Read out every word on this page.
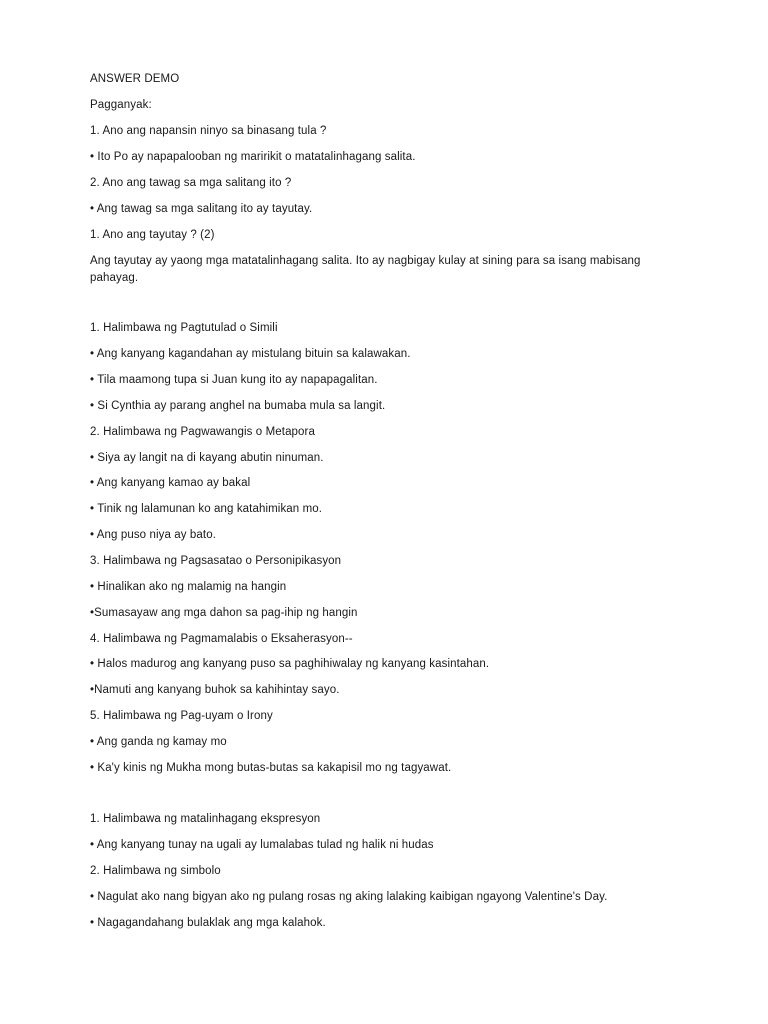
ANSWER DEMO
Pagganyak:
1. Ano ang napansin ninyo sa binasang tula ?
• Ito Po ay napapalooban ng maririkit o matatalinhagang salita.
2. Ano ang tawag sa mga salitang ito ?
• Ang tawag sa mga salitang ito ay tayutay.
1. Ano ang tayutay ? (2)
Ang tayutay ay yaong mga matatalinhagang salita. Ito ay nagbigay kulay at sining para sa isang mabisang pahayag.
1. Halimbawa ng Pagtutulad o Simili
• Ang kanyang kagandahan ay mistulang bituin sa kalawakan.
• Tila maamong tupa si Juan kung ito ay napapagalitan.
• Si Cynthia ay parang anghel na bumaba mula sa langit.
2. Halimbawa ng Pagwawangis o Metapora
• Siya ay langit na di kayang abutin ninuman.
• Ang kanyang kamao ay bakal
• Tinik ng lalamunan ko ang katahimikan mo.
• Ang puso niya ay bato.
3. Halimbawa ng Pagsasatao o Personipikasyon
• Hinalikan ako ng malamig na hangin
•Sumasayaw ang mga dahon sa pag-ihip ng hangin
4. Halimbawa ng Pagmamalabis o Eksaherasyon--
• Halos madurog ang kanyang puso sa paghihiwalay ng kanyang kasintahan.
•Namuti ang kanyang buhok sa kahihintay sayo.
5. Halimbawa ng Pag-uyam o Irony
• Ang ganda ng kamay mo
• Ka'y kinis ng Mukha mong butas-butas sa kakapisil mo ng tagyawat.
1. Halimbawa ng matalinhagang ekspresyon
• Ang kanyang tunay na ugali ay lumalabas tulad ng halik ni hudas
2. Halimbawa ng simbolo
• Nagulat ako nang bigyan ako ng pulang rosas ng aking lalaking kaibigan ngayong Valentine's Day.
• Nagagandahang bulaklak ang mga kalahok.
